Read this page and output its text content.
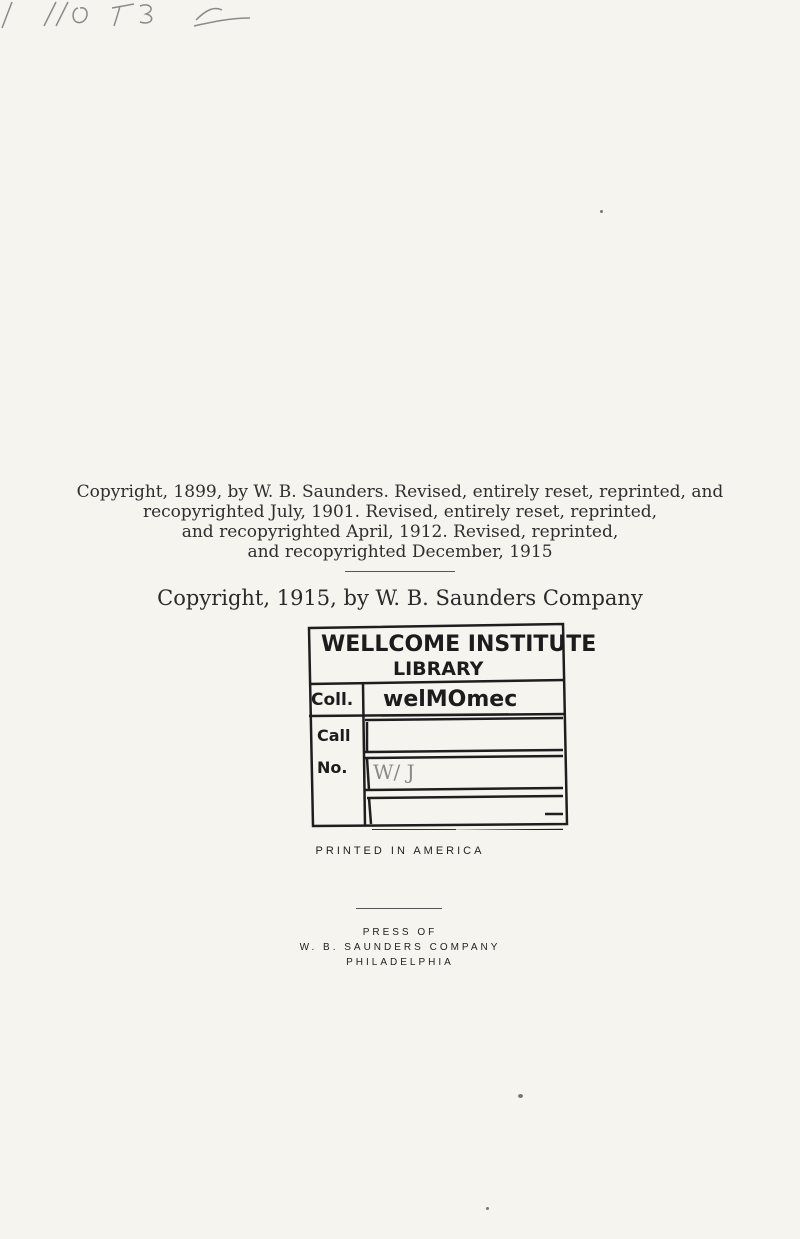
Copyright, 1899, by W. B. Saunders. Revised, entirely reset, reprinted, and
recopyrighted July, 1901. Revised, entirely reset, reprinted,
and recopyrighted April, 1912. Revised, reprinted,
and recopyrighted December, 1915
Copyright, 1915, by W. B. Saunders Company
WELLCOME INSTITUTE
LIBRARY
Coll. welMOmec
Call
No. W/ J
PRINTED IN AMERICA
PRESS OF
W. B. SAUNDERS COMPANY
PHILADELPHIA
